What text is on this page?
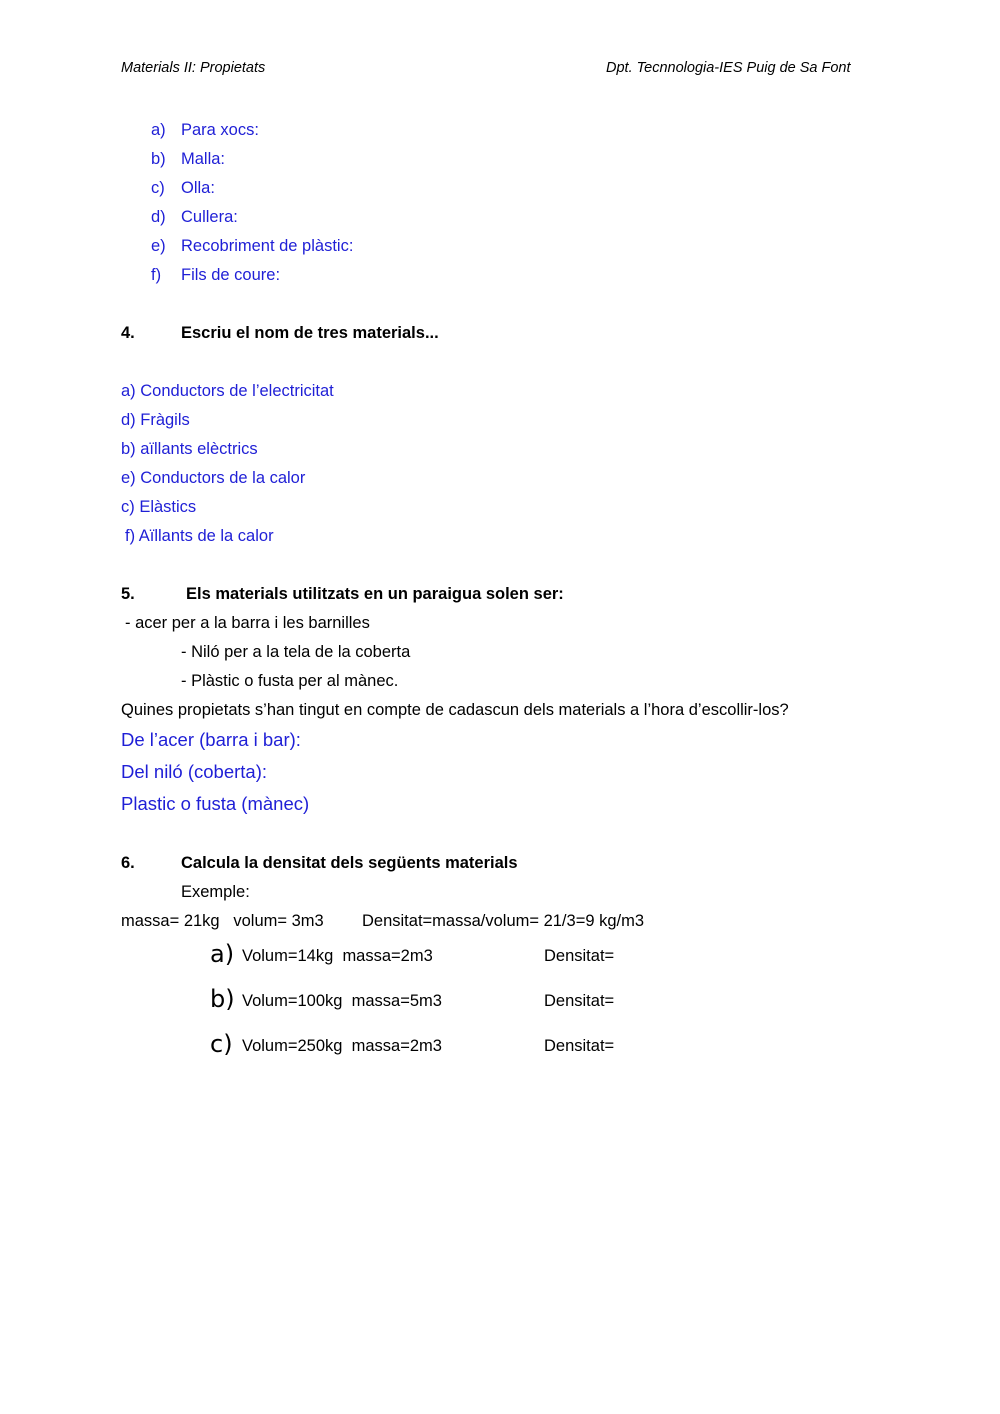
Materials II: Propietats	Dpt. Tecnnologia-IES Puig de Sa Font
a) Para xocs:
b) Malla:
c) Olla:
d) Cullera:
e) Recobriment de plàstic:
f) Fils de coure:
4.	Escriu el nom de tres materials...
a) Conductors de l’electricitat
d) Fràgils
b) aïllants elèctrics
e) Conductors de la calor
c) Elàstics
f) Aïllants de la calor
5.	Els materials utilitzats en un paraigua solen ser:
- acer per a la barra i les barnilles
- Niló per a la tela de la coberta
- Plàstic o fusta per al mànec.
Quines propietats s’han tingut en compte de cadascun dels materials a l’hora d’escollir-los?
De l’acer (barra i bar):
Del niló (coberta):
Plastic o fusta (mànec)
6.	Calcula la densitat dels següents materials
Exemple:
massa= 21kg   volum= 3m3 Densitat=massa/volum= 21/3=9 kg/m3
a) Volum=14kg  massa=2m3	Densitat=
b) Volum=100kg  massa=5m3	Densitat=
c) Volum=250kg  massa=2m3	Densitat=
